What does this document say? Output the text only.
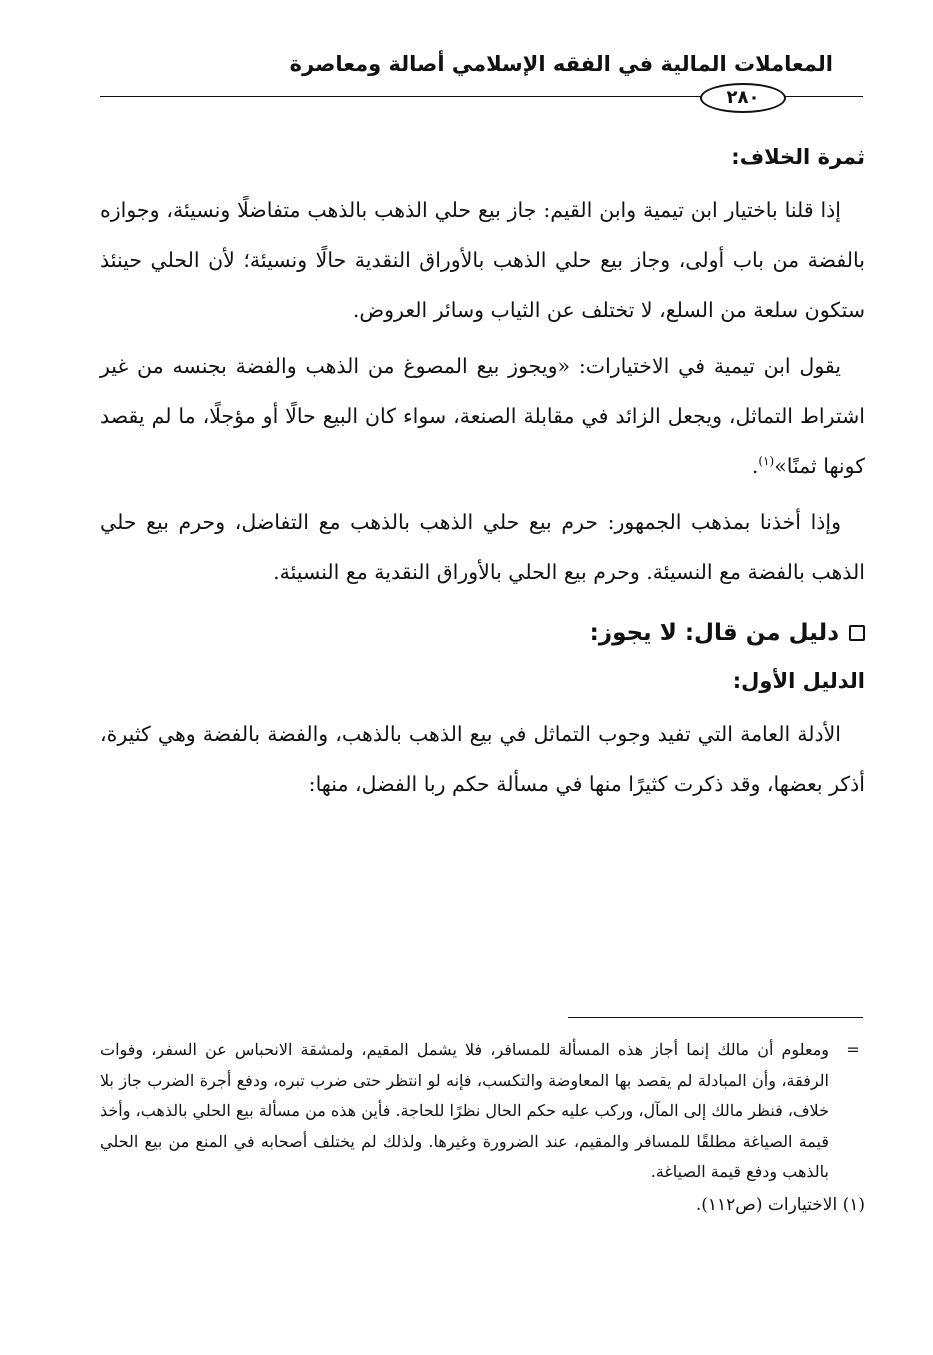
المعاملات المالية في الفقه الإسلامي أصالة ومعاصرة
٢٨٠

ثمرة الخلاف:

إذا قلنا باختيار ابن تيمية وابن القيم: جاز بيع حلي الذهب بالذهب متفاضلًا ونسيئة، وجوازه بالفضة من باب أولى، وجاز بيع حلي الذهب بالأوراق النقدية حالًا ونسيئة؛ لأن الحلي حينئذ ستكون سلعة من السلع، لا تختلف عن الثياب وسائر العروض.

يقول ابن تيمية في الاختيارات: «ويجوز بيع المصوغ من الذهب والفضة بجنسه من غير اشتراط التماثل، ويجعل الزائد في مقابلة الصنعة، سواء كان البيع حالًا أو مؤجلًا، ما لم يقصد كونها ثمنًا»$^{(١)}$.

وإذا أخذنا بمذهب الجمهور: حرم بيع حلي الذهب بالذهب مع التفاضل، وحرم بيع حلي الذهب بالفضة مع النسيئة. وحرم بيع الحلي بالأوراق النقدية مع النسيئة.

دليل من قال: لا يجوز:

الدليل الأول:

الأدلة العامة التي تفيد وجوب التماثل في بيع الذهب بالذهب، والفضة بالفضة وهي كثيرة، أذكر بعضها، وقد ذكرت كثيرًا منها في مسألة حكم ربا الفضل، منها:

=
ومعلوم أن مالك إنما أجاز هذه المسألة للمسافر، فلا يشمل المقيم، ولمشقة الانحباس عن السفر، وفوات الرفقة، وأن المبادلة لم يقصد بها المعاوضة والتكسب، فإنه لو انتظر حتى ضرب تبره، ودفع أجرة الضرب جاز بلا خلاف، فنظر مالك إلى المآل، وركب عليه حكم الحال نظرًا للحاجة. فأين هذه من مسألة بيع الحلي بالذهب، وأخذ قيمة الصياغة مطلقًا للمسافر والمقيم، عند الضرورة وغيرها. ولذلك لم يختلف أصحابه في المنع من بيع الحلي بالذهب ودفع قيمة الصياغة.
(١) الاختيارات (ص١١٢).
